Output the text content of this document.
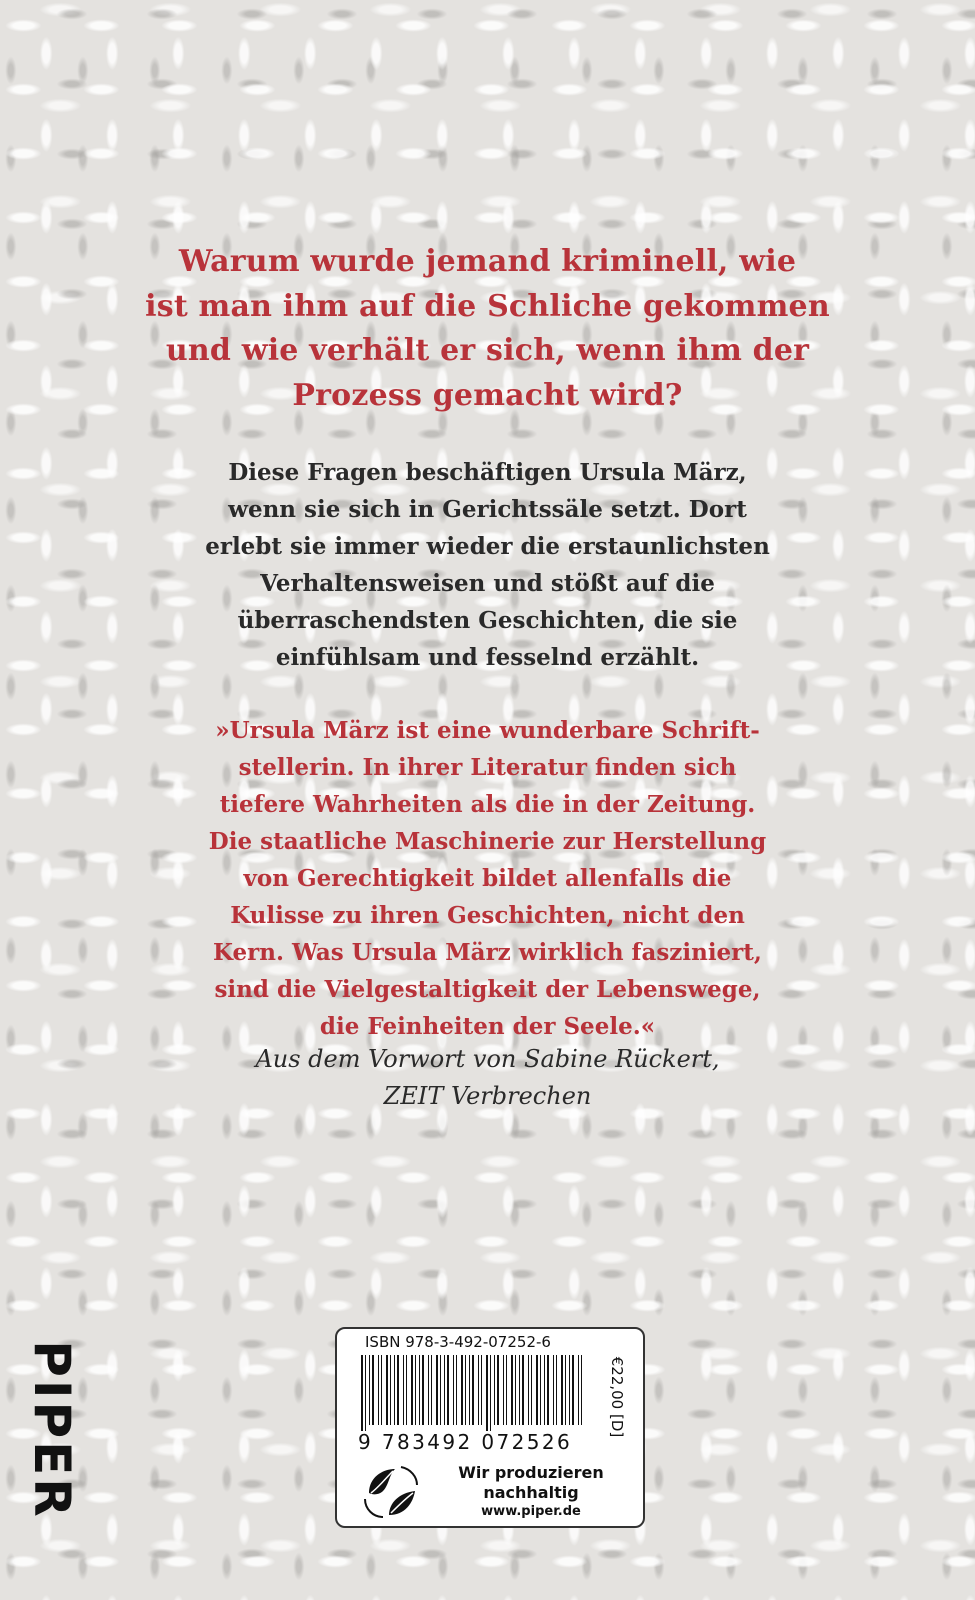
Warum wurde jemand kriminell, wie
ist man ihm auf die Schliche gekommen
und wie verhält er sich, wenn ihm der
Prozess gemacht wird?
Diese Fragen beschäftigen Ursula März,
wenn sie sich in Gerichtssäle setzt. Dort
erlebt sie immer wieder die erstaunlichsten
Verhaltensweisen und stößt auf die
überraschendsten Geschichten, die sie
einfühlsam und fesselnd erzählt.
»Ursula März ist eine wunderbare Schrift-
stellerin. In ihrer Literatur finden sich
tiefere Wahrheiten als die in der Zeitung.
Die staatliche Maschinerie zur Herstellung
von Gerechtigkeit bildet allenfalls die
Kulisse zu ihren Geschichten, nicht den
Kern. Was Ursula März wirklich fasziniert,
sind die Vielgestaltigkeit der Lebenswege,
die Feinheiten der Seele.«
Aus dem Vorwort von Sabine Rückert,
ZEIT Verbrechen
PIPER	ISBN 978-3-492-07252-6
9 783492 072526
€22,00 [D]
Wir produzieren
nachhaltig
www.piper.de
